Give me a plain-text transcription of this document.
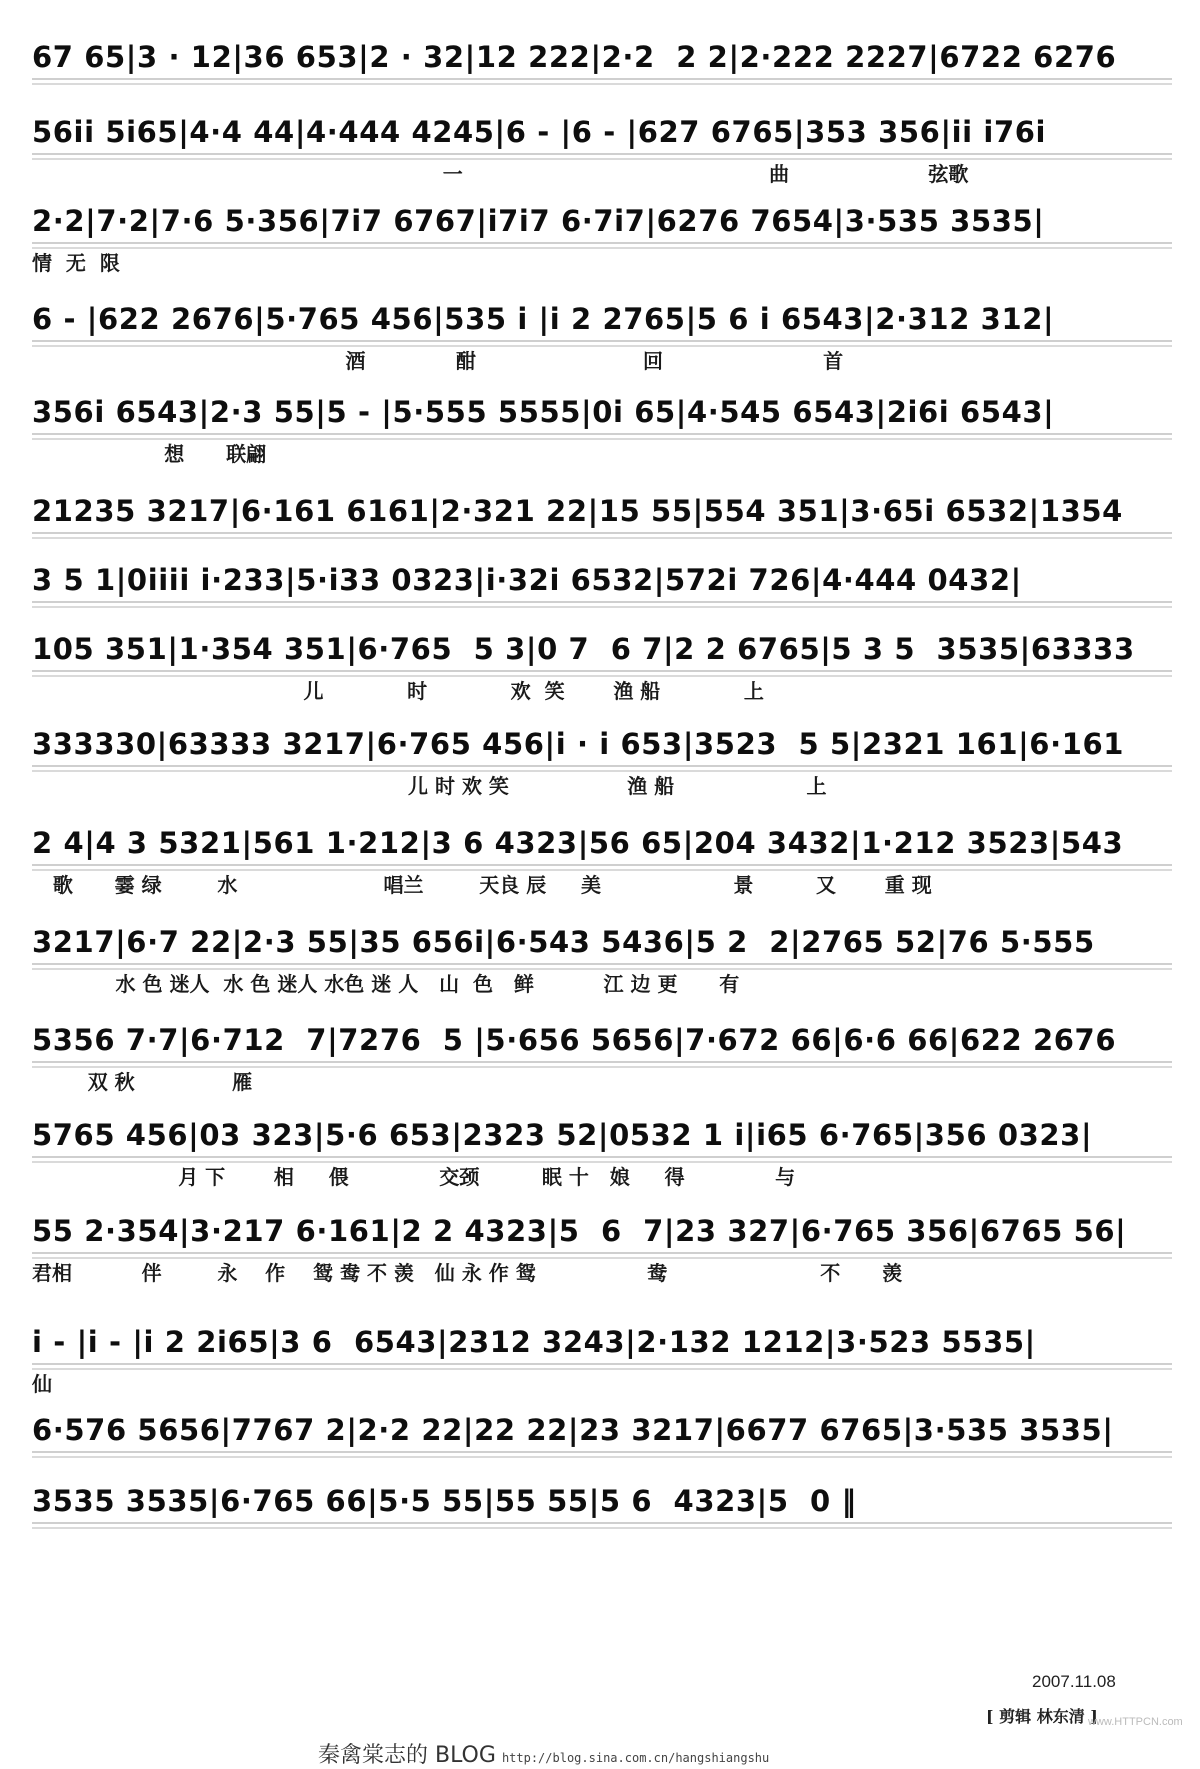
67 65|3 · 12|36 653|2 · 32|12 222|2·2  2 2|2·222 2227|6722 6276
56ii 5i65|4·4 44|4·444 4245|6 - |6 - |627 6765|353 356|ii i76i
一                                            曲                    弦歌
2·2|7·2|7·6 5·356|7i7 6767|i7i7 6·7i7|6276 7654|3·535 3535|
情  无  限
6 - |622 2676|5·765 456|535 i |i 2 2765|5 6 i 6543|2·312 312|
酒             酣                        回                       首
356i 6543|2·3 55|5 - |5·555 5555|0i 65|4·545 6543|2i6i 6543|
想      联翩
21235 3217|6·161 6161|2·321 22|15 55|554 351|3·65i 6532|1354
3 5 1|0iiii i·233|5·i33 0323|i·32i 6532|572i 726|4·444 0432|
105 351|1·354 351|6·765  5 3|0 7  6 7|2 2 6765|5 3 5  3535|63333
儿            时            欢  笑       渔 船            上
333330|63333 3217|6·765 456|i · i 653|3523  5 5|2321 161|6·161
儿 时 欢 笑                 渔 船                   上
2 4|4 3 5321|561 1·212|3 6 4323|56 65|204 3432|1·212 3523|543
歌      霎 绿        水                     唱兰        天良 辰     美                   景         又       重 现
3217|6·7 22|2·3 55|35 656i|6·543 5436|5 2  2|2765 52|76 5·555
水 色 迷人  水 色 迷人 水色 迷 人   山  色   鲜          江 边 更      有
5356 7·7|6·712  7|7276  5 |5·656 5656|7·672 66|6·6 66|622 2676
双 秋              雁
5765 456|03 323|5·6 653|2323 52|0532 1 i|i65 6·765|356 0323|
月 下       相     偎             交颈         眠 十   娘     得             与
55 2·354|3·217 6·161|2 2 4323|5  6  7|23 327|6·765 356|6765 56|
君相          伴        永    作    鸳 鸯 不 羡   仙 永 作 鸳                鸯                      不      羡
i - |i - |i 2 2i65|3 6  6543|2312 3243|2·132 1212|3·523 5535|
仙
6·576 5656|7767 2|2·2 22|22 22|23 3217|6677 6765|3·535 3535|
3535 3535|6·765 66|5·5 55|55 55|5 6  4323|5  0 ‖
2007.11.08
[ 剪辑 林东清 ]
秦禽棠志的 BLOG http://blog.sina.com.cn/hangshiangshu
www.HTTPCN.com
